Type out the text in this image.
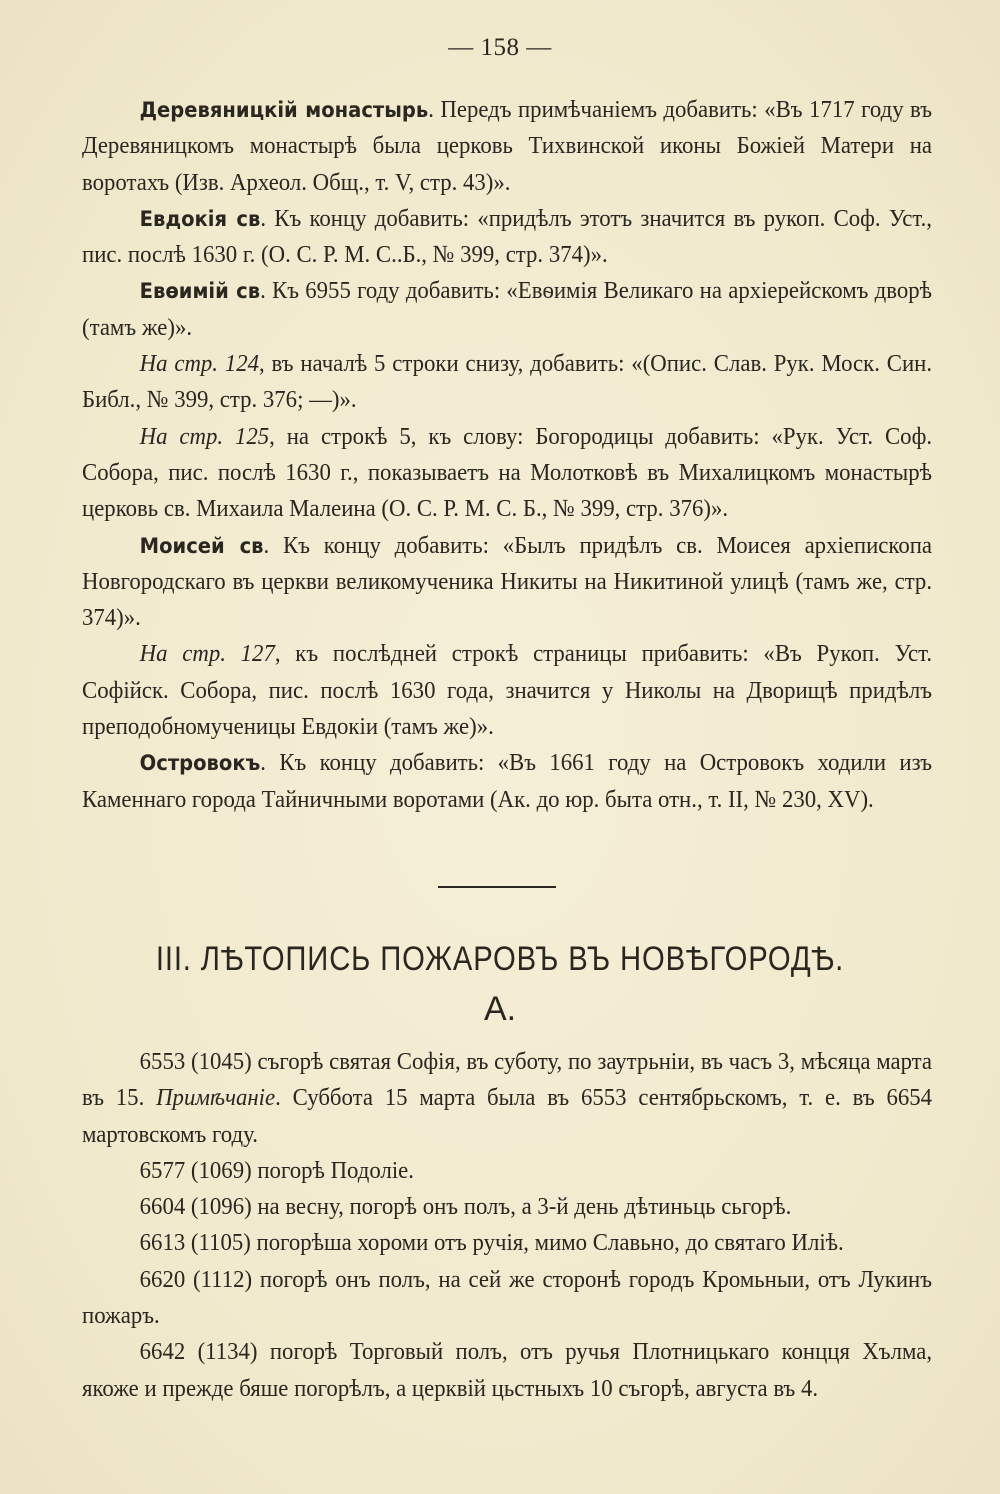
— 158 —

Деревяницкій монастырь. Передъ примѣчаніемъ добавить: «Въ 1717 году въ Деревяницкомъ монастырѣ была церковь Тихвинской иконы Божіей Матери на воротахъ (Изв. Археол. Общ., т. V, стр. 43)».

Евдокія св. Къ концу добавить: «придѣлъ этотъ значится въ рукоп. Соф. Уст., пис. послѣ 1630 г. (О. С. Р. М. С..Б., № 399, стр. 374)».

Евѳимій св. Къ 6955 году добавить: «Евѳимія Великаго на архіерейскомъ дворѣ (тамъ же)».

На стр. 124, въ началѣ 5 строки снизу, добавить: «(Опис. Слав. Рук. Моск. Син. Библ., № 399, стр. 376; —)».

На стр. 125, на строкѣ 5, къ слову: Богородицы добавить: «Рук. Уст. Соф. Собора, пис. послѣ 1630 г., показываетъ на Молотковѣ въ Михалицкомъ монастырѣ церковь св. Михаила Малеина (О. С. Р. М. С. Б., № 399, стр. 376)».

Моисей св. Къ концу добавить: «Былъ придѣлъ св. Моисея архіепископа Новгородскаго въ церкви великомученика Никиты на Никитиной улицѣ (тамъ же, стр. 374)».

На стр. 127, къ послѣдней строкѣ страницы прибавить: «Въ Рукоп. Уст. Софійск. Собора, пис. послѣ 1630 года, значится у Николы на Дворищѣ придѣлъ преподобномученицы Евдокіи (тамъ же)».

Островокъ. Къ концу добавить: «Въ 1661 году на Островокъ ходили изъ Каменнаго города Тайничными воротами (Ак. до юр. быта отн., т. II, № 230, XV).

III. ЛѢТОПИСЬ ПОЖАРОВЪ ВЪ НОВѢГОРОДѢ.
А.

6553 (1045) съгорѣ святая Софія, въ суботу, по заутрьніи, въ часъ 3, мѣсяца марта въ 15. Примѣчаніе. Суббота 15 марта была въ 6553 сентябрьскомъ, т. е. въ 6654 мартовскомъ году.

6577 (1069) погорѣ Подоліе.

6604 (1096) на весну, погорѣ онъ полъ, а 3-й день дѣтиньць сьгорѣ.

6613 (1105) погорѣша хороми отъ ручія, мимо Славьно, до святаго Илiѣ.

6620 (1112) погорѣ онъ полъ, на сей же сторонѣ городъ Кромьныи, отъ Лукинъ пожаръ.

6642 (1134) погорѣ Торговый полъ, отъ ручья Плотницькаго концця Хълма, якоже и прежде бяше погорѣлъ, а церквій цьстныхъ 10 съгорѣ, августа въ 4.
